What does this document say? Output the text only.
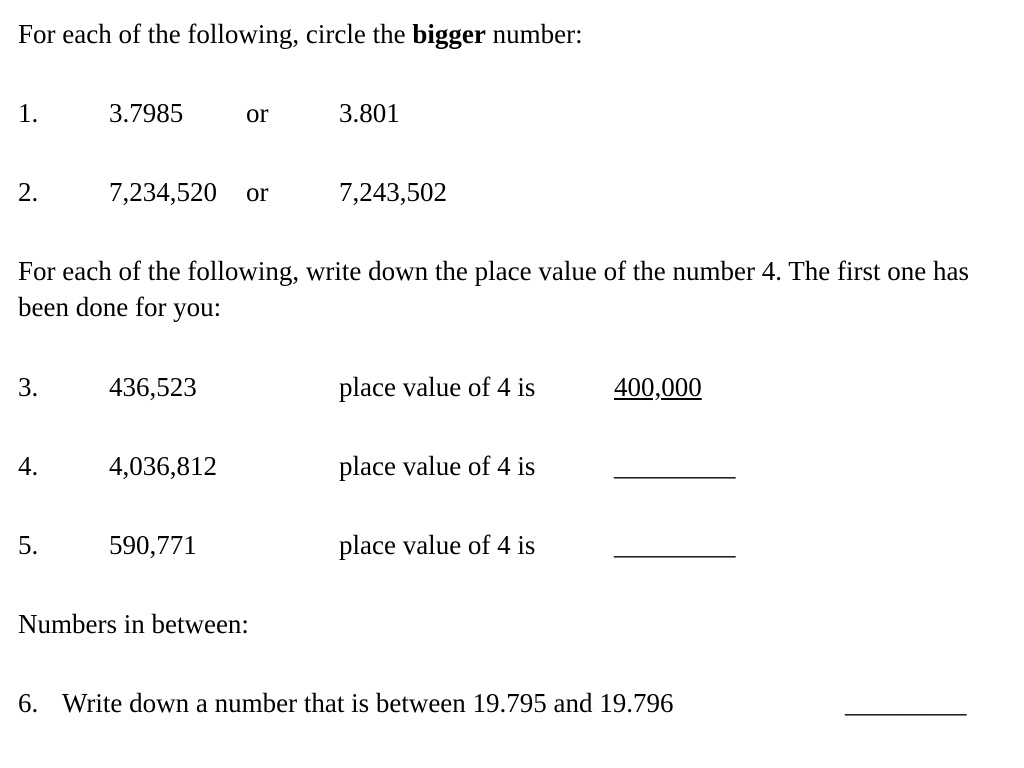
For each of the following, circle the bigger number:
1.	3.7985 or	3.801
2.	7,234,520 or	7,243,502
For each of the following, write down the place value of the number 4. The first one has been done for you:
3.	436,523	place value of 4 is	400,000
4.	4,036,812	place value of 4 is	_________
5.	590,771	place value of 4 is	_________
Numbers in between:
6. Write down a number that is between 19.795 and 19.796	_________
